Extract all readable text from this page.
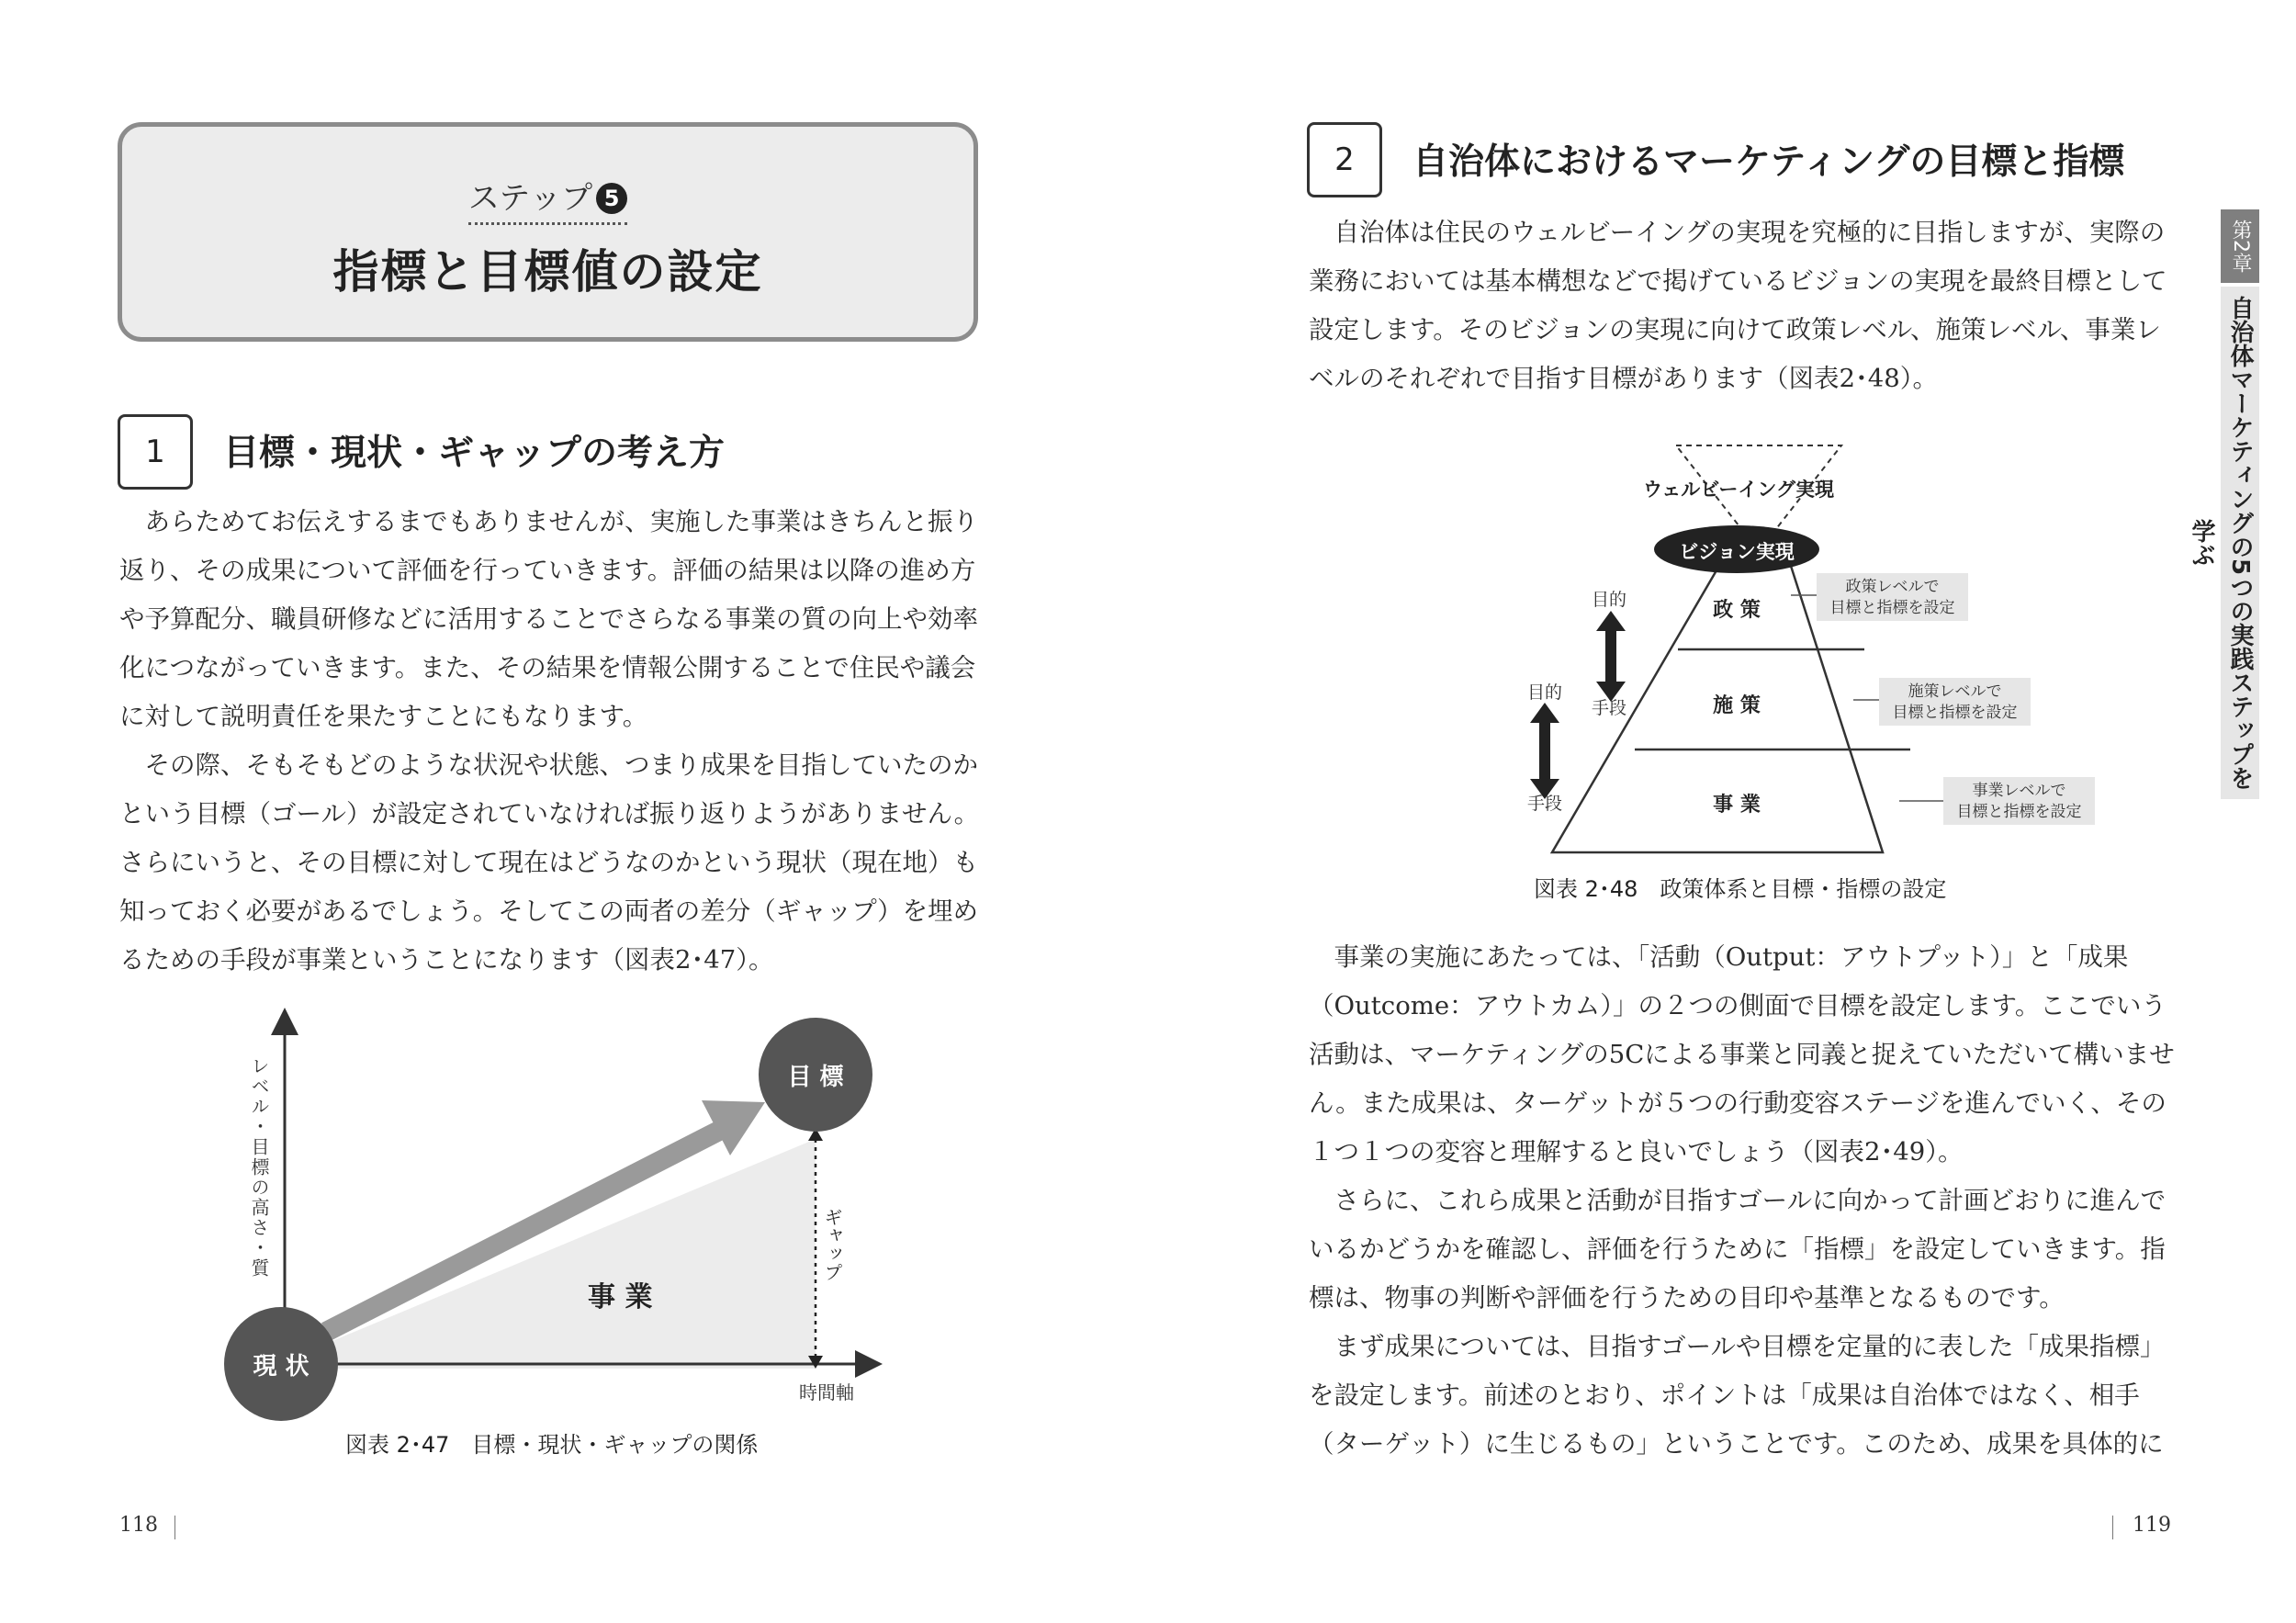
ステップ 5
指標と目標値の設定
1	目標・現状・ギャップの考え方

あらためてお伝えするまでもありませんが、実施した事業はきちんと振り返り、その成果について評価を行っていきます。評価の結果は以降の進め方や予算配分、職員研修などに活用することでさらなる事業の質の向上や効率化につながっていきます。また、その結果を情報公開することで住民や議会に対して説明責任を果たすことにもなります。

その際、そもそもどのような状況や状態、つまり成果を目指していたのかという目標（ゴール）が設定されていなければ振り返りようがありません。さらにいうと、その目標に対して現在はどうなのかという現状（現在地）も知っておく必要があるでしょう。そしてこの両者の差分（ギャップ）を埋めるための手段が事業ということになります（図表2･47）。

目 標
現 状
事 業
ギャップ
レベル・目標の高さ・質
時間軸
図表 2･47　目標・現状・ギャップの関係
118
2	自治体におけるマーケティングの目標と指標

自治体は住民のウェルビーイングの実現を究極的に目指しますが、実際の業務においては基本構想などで掲げているビジョンの実現を最終目標として設定します。そのビジョンの実現に向けて政策レベル、施策レベル、事業レベルのそれぞれで目指す目標があります（図表2･48）。

ウェルビーイング実現
ビジョン実現
政 策
施 策
事 業
政策レベルで
目標と指標を設定
施策レベルで
目標と指標を設定
事業レベルで
目標と指標を設定
目的
手段
目的
手段
図表 2･48　政策体系と目標・指標の設定

事業の実施にあたっては、「活動（Output：アウトプット）」と「成果（Outcome：アウトカム）」の２つの側面で目標を設定します。ここでいう活動は、マーケティングの5Cによる事業と同義と捉えていただいて構いません。また成果は、ターゲットが５つの行動変容ステージを進んでいく、その１つ１つの変容と理解すると良いでしょう（図表2･49）。

さらに、これら成果と活動が目指すゴールに向かって計画どおりに進んでいるかどうかを確認し、評価を行うために「指標」を設定していきます。指標は、物事の判断や評価を行うための目印や基準となるものです。

まず成果については、目指すゴールや目標を定量的に表した「成果指標」を設定します。前述のとおり、ポイントは「成果は自治体ではなく、相手（ターゲット）に生じるもの」ということです。このため、成果を具体的に

119
第2章
自治体マーケティングの5つの実践ステップを学ぶ
